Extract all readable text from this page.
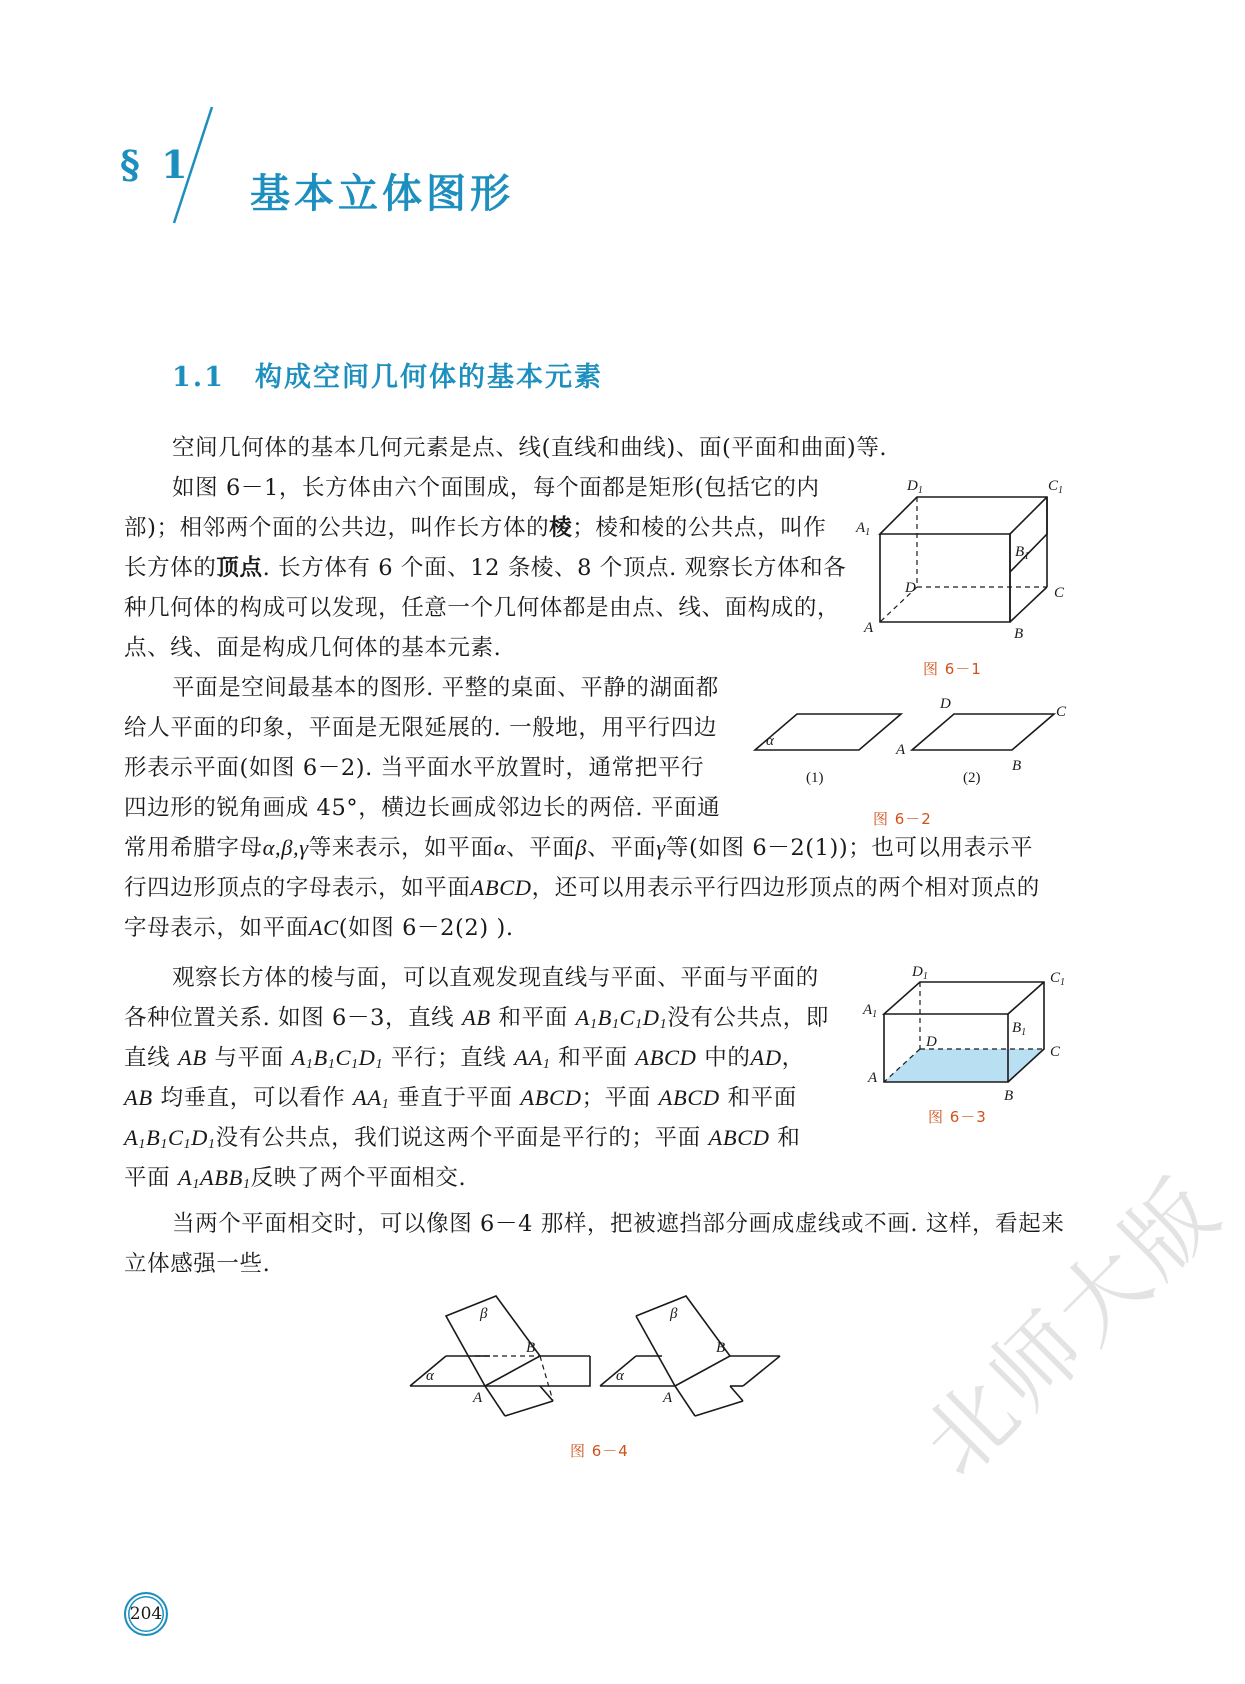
§ 1
基本立体图形
1.1 构成空间几何体的基本元素
空间几何体的基本几何元素是点、线(直线和曲线)、面(平面和曲面)等.
如图 6－1，长方体由六个面围成，每个面都是矩形(包括它的内
部)；相邻两个面的公共边，叫作长方体的棱；棱和棱的公共点，叫作
长方体的顶点. 长方体有 6 个面、12 条棱、8 个顶点. 观察长方体和各
种几何体的构成可以发现，任意一个几何体都是由点、线、面构成的，
点、线、面是构成几何体的基本元素.
$D_1$	$C_1$
$A_1$
$B_1$
D	C
A	B
图 6－1
平面是空间最基本的图形. 平整的桌面、平静的湖面都
给人平面的印象，平面是无限延展的. 一般地，用平行四边
形表示平面(如图 6－2). 当平面水平放置时，通常把平行
四边形的锐角画成 45°，横边长画成邻边长的两倍. 平面通
常用希腊字母α,β,γ等来表示，如平面α、平面β、平面γ等(如图 6－2(1))；也可以用表示平
行四边形顶点的字母表示，如平面ABCD，还可以用表示平行四边形顶点的两个相对顶点的
字母表示，如平面AC(如图 6－2(2) ).
α
D	C
A
B
(1)	(2)
图 6－2
观察长方体的棱与面，可以直观发现直线与平面、平面与平面的
各种位置关系. 如图 6－3，直线 AB 和平面 $A_1B_1C_1D_1$没有公共点，即
直线 AB 与平面 $A_1B_1C_1D_1$ 平行；直线 $AA_1$ 和平面 ABCD 中的AD，
AB 均垂直，可以看作 $AA_1$ 垂直于平面 ABCD；平面 ABCD 和平面
$A_1B_1C_1D_1$没有公共点，我们说这两个平面是平行的；平面 ABCD 和
平面 $A_1ABB_1$反映了两个平面相交.
$D_1$	$C_1$
$A_1$
$B_1$
D
C
A
B
图 6－3
当两个平面相交时，可以像图 6－4 那样，把被遮挡部分画成虚线或不画. 这样，看起来
立体感强一些.
α
β
B
A
α
β
B
A
图 6－4
204
北师大版
